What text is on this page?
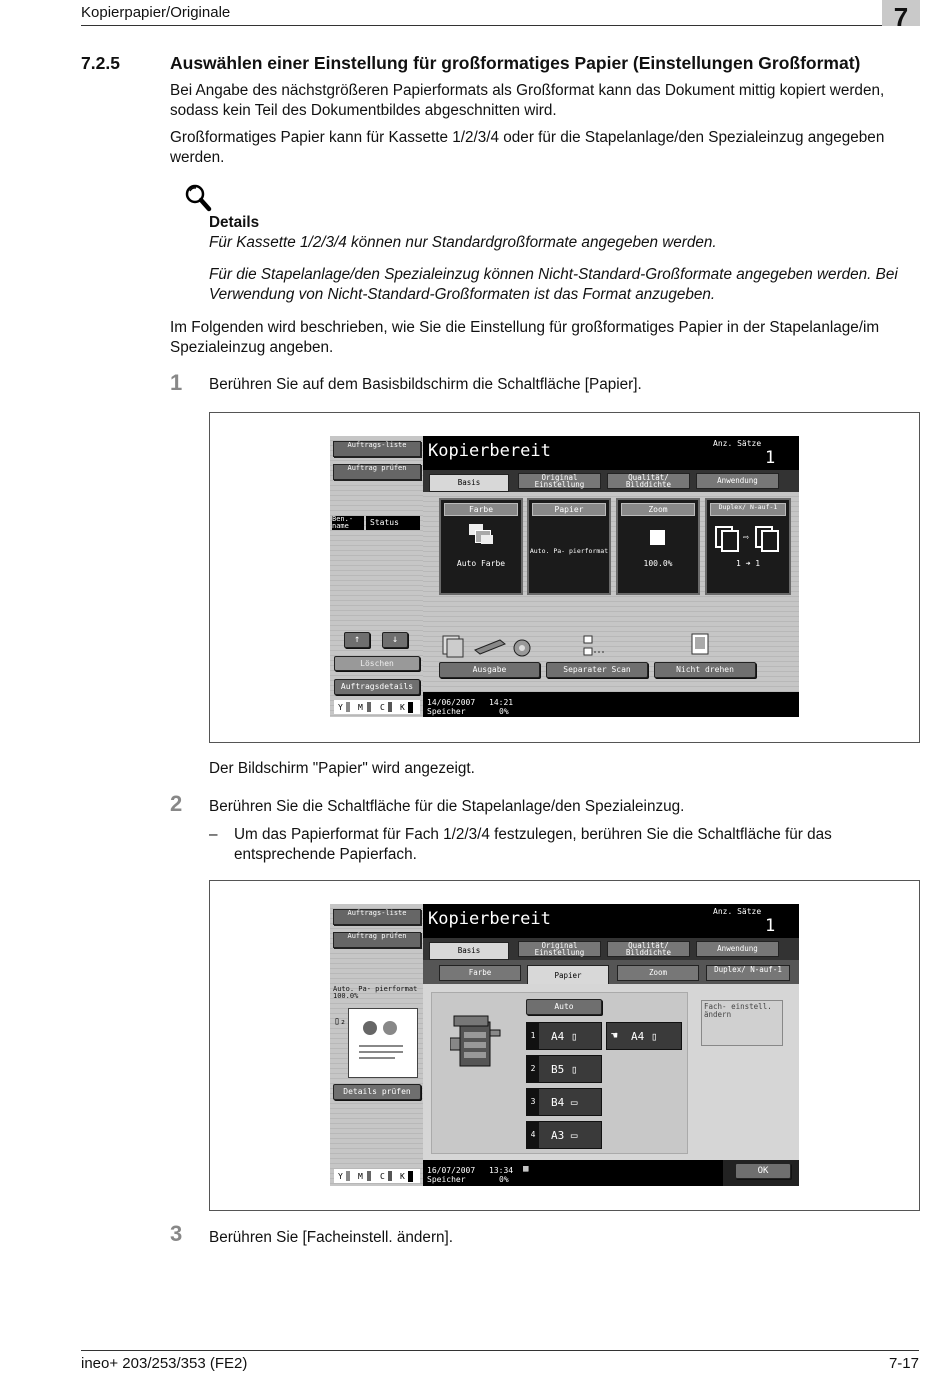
Kopierpapier/Originale	7
7.2.5	Auswählen einer Einstellung für großformatiges Papier (Einstellungen Großformat)
Bei Angabe des nächstgrößeren Papierformats als Großformat kann das Dokument mittig kopiert werden, sodass kein Teil des Dokumentbildes abgeschnitten wird.
Großformatiges Papier kann für Kassette 1/2/3/4 oder für die Stapelanlage/den Spezialeinzug angegeben werden.
Details
Für Kassette 1/2/3/4 können nur Standardgroßformate angegeben werden.
Für die Stapelanlage/den Spezialeinzug können Nicht-Standard-Großformate angegeben werden. Bei Verwendung von Nicht-Standard-Großformaten ist das Format anzugeben.
Im Folgenden wird beschrieben, wie Sie die Einstellung für großformatiges Papier in der Stapelanlage/im Spezialeinzug angeben.
1 Berühren Sie auf dem Basisbildschirm die Schaltfläche [Papier].
Auftrags-liste
Auftrag prüfen
Ben.-name	Status
↑	↓
Löschen
Auftragsdetails
Y M C K
Kopierbereit	Anz. Sätze
1
Basis
Original Einstellung
Qualität/ Bilddichte	Anwendung
Farbe
Auto Farbe
Papier
Auto. Pa- pierformat
Zoom
100.0%
Duplex/ N-auf-1
⇨
1 ➜ 1
Ausgabe	Separater Scan	Nicht drehen
14/06/2007 14:21
Speicher	0%
Der Bildschirm "Papier" wird angezeigt.
2 Berühren Sie die Schaltfläche für die Stapelanlage/den Spezialeinzug.
– Um das Papierformat für Fach 1/2/3/4 festzulegen, berühren Sie die Schaltfläche für das entsprechende Papierfach.
Auftrags-liste
Auftrag prüfen
Auto. Pa- pierformat 100.0%
▯₂
Details prüfen
Y M C K
Kopierbereit	Anz. Sätze
1
Basis
Original Einstellung
Qualität/ Bilddichte	Anwendung
Farbe	Papier	Zoom	Duplex/ N-auf-1
Auto
1	A4 ▯
2	B5 ▯
3	B4 ▭
4	A3 ▭
☚ A4 ▯
Fach- einstell. ändern
16/07/2007 13:34 ▦
Speicher	0%
OK
3 Berühren Sie [Facheinstell. ändern].
ineo+ 203/253/353 (FE2)	7-17
